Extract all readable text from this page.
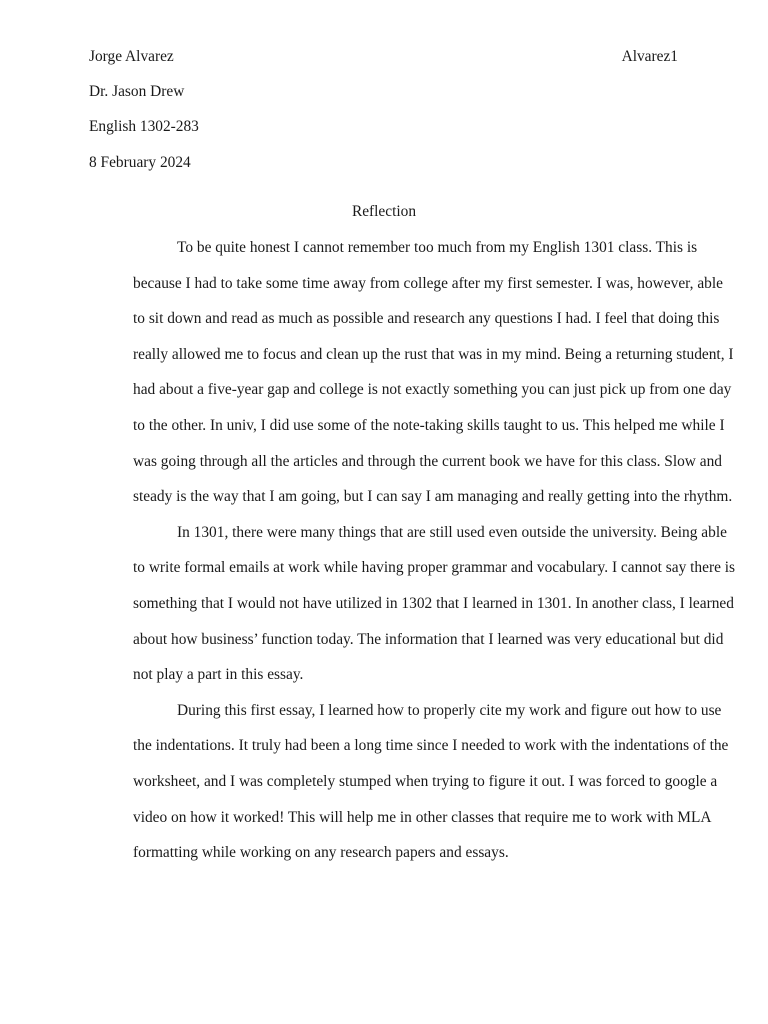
Jorge Alvarez	Alvarez1
Dr. Jason Drew
English 1302-283
8 February 2024
Reflection
To be quite honest I cannot remember too much from my English 1301 class. This is
because I had to take some time away from college after my first semester. I was, however, able
to sit down and read as much as possible and research any questions I had. I feel that doing this
really allowed me to focus and clean up the rust that was in my mind. Being a returning student, I
had about a five-year gap and college is not exactly something you can just pick up from one day
to the other. In univ, I did use some of the note-taking skills taught to us. This helped me while I
was going through all the articles and through the current book we have for this class. Slow and
steady is the way that I am going, but I can say I am managing and really getting into the rhythm.
In 1301, there were many things that are still used even outside the university. Being able
to write formal emails at work while having proper grammar and vocabulary. I cannot say there is
something that I would not have utilized in 1302 that I learned in 1301. In another class, I learned
about how business’ function today. The information that I learned was very educational but did
not play a part in this essay.
During this first essay, I learned how to properly cite my work and figure out how to use
the indentations. It truly had been a long time since I needed to work with the indentations of the
worksheet, and I was completely stumped when trying to figure it out. I was forced to google a
video on how it worked! This will help me in other classes that require me to work with MLA
formatting while working on any research papers and essays.
